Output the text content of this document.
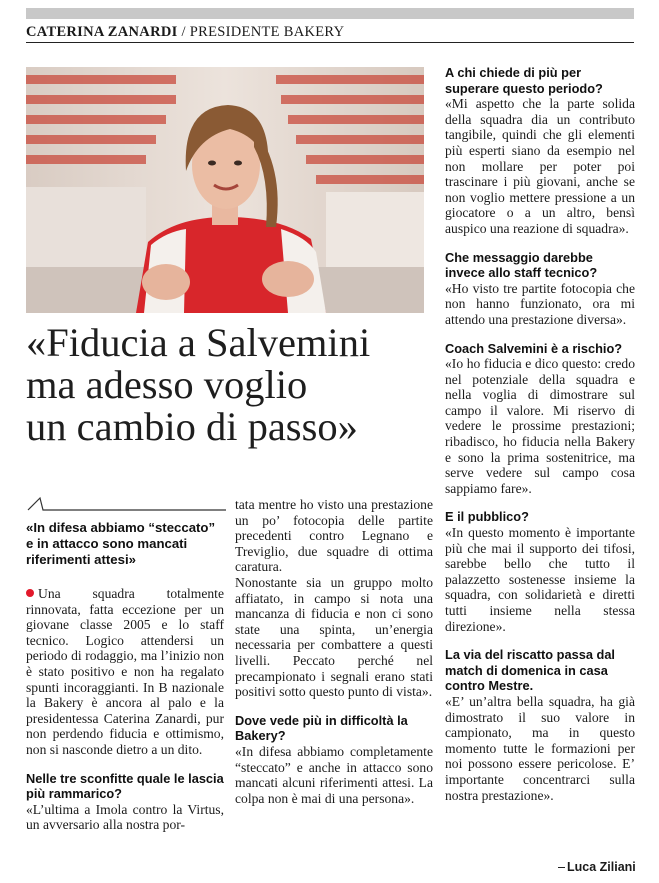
CATERINA ZANARDI / PRESIDENTE BAKERY
«Fiducia a Salvemini
ma adesso voglio
un cambio di passo»
«In difesa abbiamo “steccato” e in attacco sono mancati riferimenti attesi»

Una squadra totalmente rinnovata, fatta eccezione per un giovane classe 2005 e lo staff tecnico. Logico attendersi un periodo di rodaggio, ma l’inizio non è stato positivo e non ha regalato spunti incoraggianti. In B nazionale la Bakery è ancora al palo e la presidentessa Caterina Zanardi, pur non perdendo fiducia e ottimismo, non si nasconde dietro a un dito.

Nelle tre sconfitte quale le lascia più rammarico?

«L’ultima a Imola contro la Virtus, un avversario alla nostra por-

tata mentre ho visto una prestazione un po’ fotocopia delle partite precedenti contro Legnano e Treviglio, due squadre di ottima caratura.

Nonostante sia un gruppo molto affiatato, in campo si nota una mancanza di fiducia e non ci sono state una spinta, un’energia necessaria per combattere a questi livelli. Peccato perché nel precampionato i segnali erano stati positivi sotto questo punto di vista».

Dove vede più in difficoltà la Bakery?

«In difesa abbiamo completamente “steccato” e anche in attacco sono mancati alcuni riferimenti attesi. La colpa non è mai di una persona».

A chi chiede di più per superare questo periodo?

«Mi aspetto che la parte solida della squadra dia un contributo tangibile, quindi che gli elementi più esperti siano da esempio nel non mollare per poter poi trascinare i più giovani, anche se non voglio mettere pressione a un giocatore o a un altro, bensì auspico una reazione di squadra».

Che messaggio darebbe invece allo staff tecnico?

«Ho visto tre partite fotocopia che non hanno funzionato, ora mi attendo una prestazione diversa».

Coach Salvemini è a rischio?

«Io ho fiducia e dico questo: credo nel potenziale della squadra e nella voglia di dimostrare sul campo il valore. Mi riservo di vedere le prossime prestazioni; ribadisco, ho fiducia nella Bakery e sono la prima sostenitrice, ma serve vedere sul campo cosa sappiamo fare».

E il pubblico?

«In questo momento è importante più che mai il supporto dei tifosi, sarebbe bello che tutto il palazzetto sostenesse insieme la squadra, con solidarietà e diretti tutti insieme nella stessa direzione».

La via del riscatto passa dal match di domenica in casa contro Mestre.

«E’ un’altra bella squadra, ha già dimostrato il suo valore in campionato, ma in questo momento tutte le formazioni per noi possono essere pericolose. E’ importante concentrarci sulla nostra prestazione».

Luca Ziliani
